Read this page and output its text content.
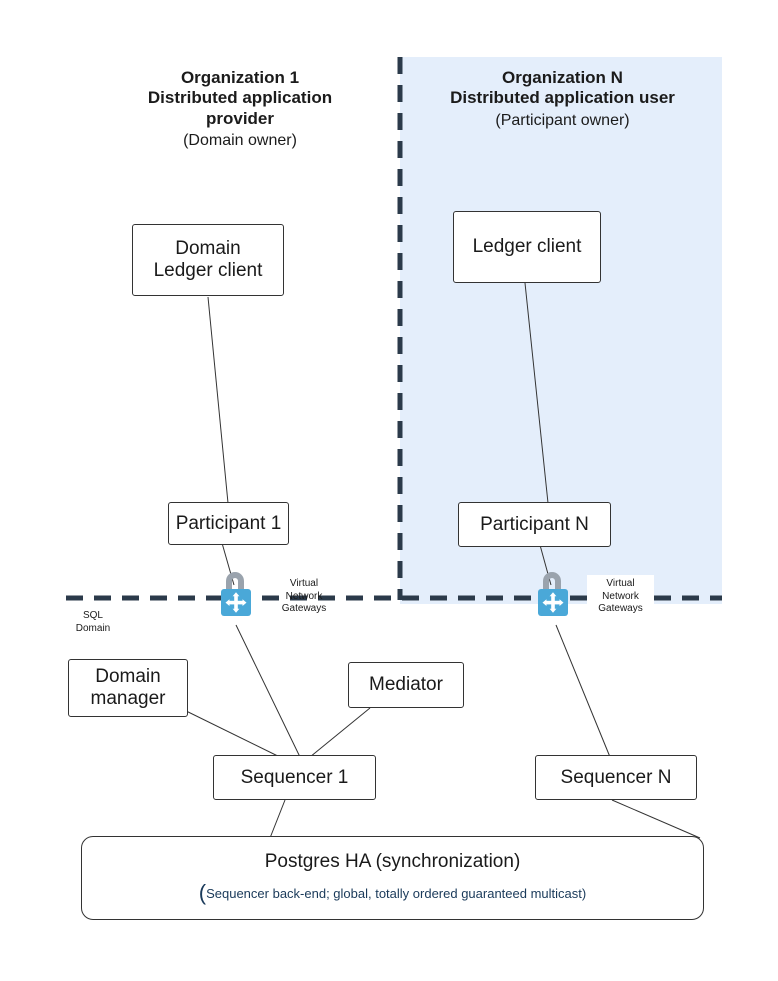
Organization 1
Distributed application
provider
(Domain owner)
Organization N
Distributed application user
(Participant owner)
Domain
Ledger client
Ledger client
Participant 1	Participant N
Virtual
Network
Gateways
Virtual
Network
Gateways
SQL
Domain
Domain
manager
Mediator
Sequencer 1	Sequencer N
Postgres HA (synchronization)
(Sequencer back-end; global, totally ordered guaranteed multicast)
